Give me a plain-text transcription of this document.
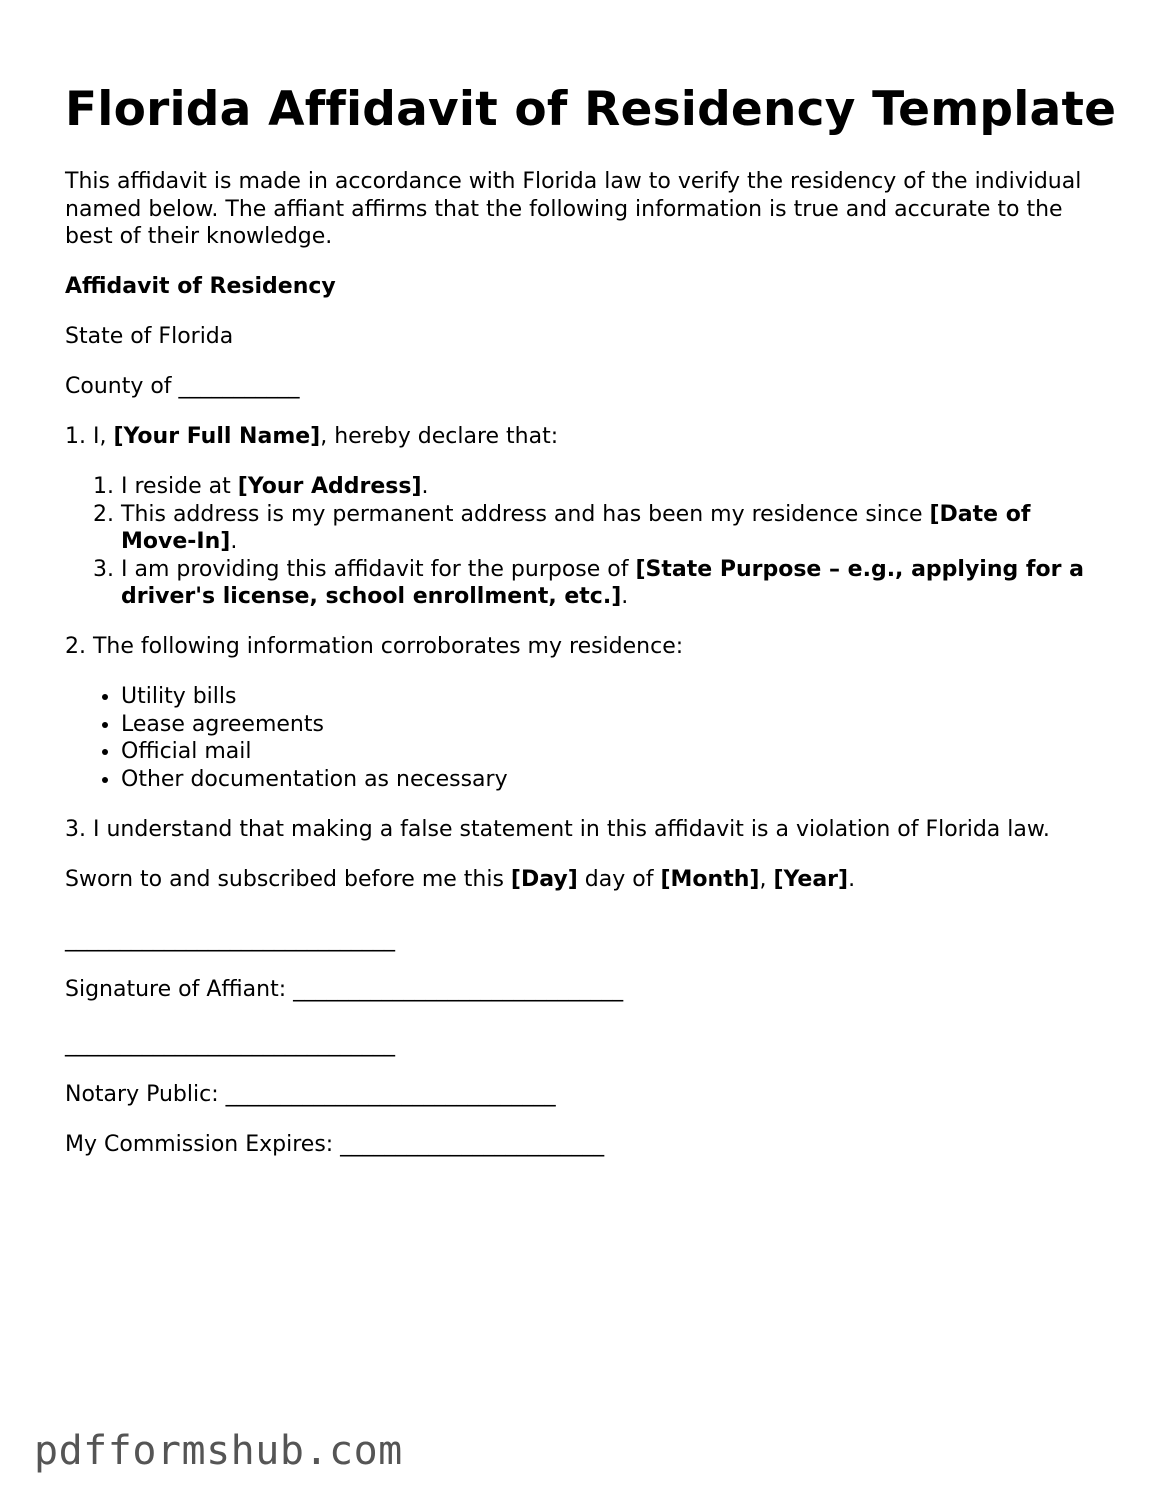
Florida Affidavit of Residency Template

This affidavit is made in accordance with Florida law to verify the residency of the individual named below. The affiant affirms that the following information is true and accurate to the best of their knowledge.

Affidavit of Residency

State of Florida

County of ___________

1. I, [Your Full Name], hereby declare that:

1. I reside at [Your Address].
2. This address is my permanent address and has been my residence since [Date of Move-In].
3. I am providing this affidavit for the purpose of [State Purpose – e.g., applying for a driver's license, school enrollment, etc.].

2. The following information corroborates my residence:

• Utility bills
• Lease agreements
• Official mail
• Other documentation as necessary

3. I understand that making a false statement in this affidavit is a violation of Florida law.

Sworn to and subscribed before me this [Day] day of [Month], [Year].

______________________________

Signature of Affiant: ______________________________

______________________________

Notary Public: ______________________________

My Commission Expires: ________________________

pdfformshub.com
